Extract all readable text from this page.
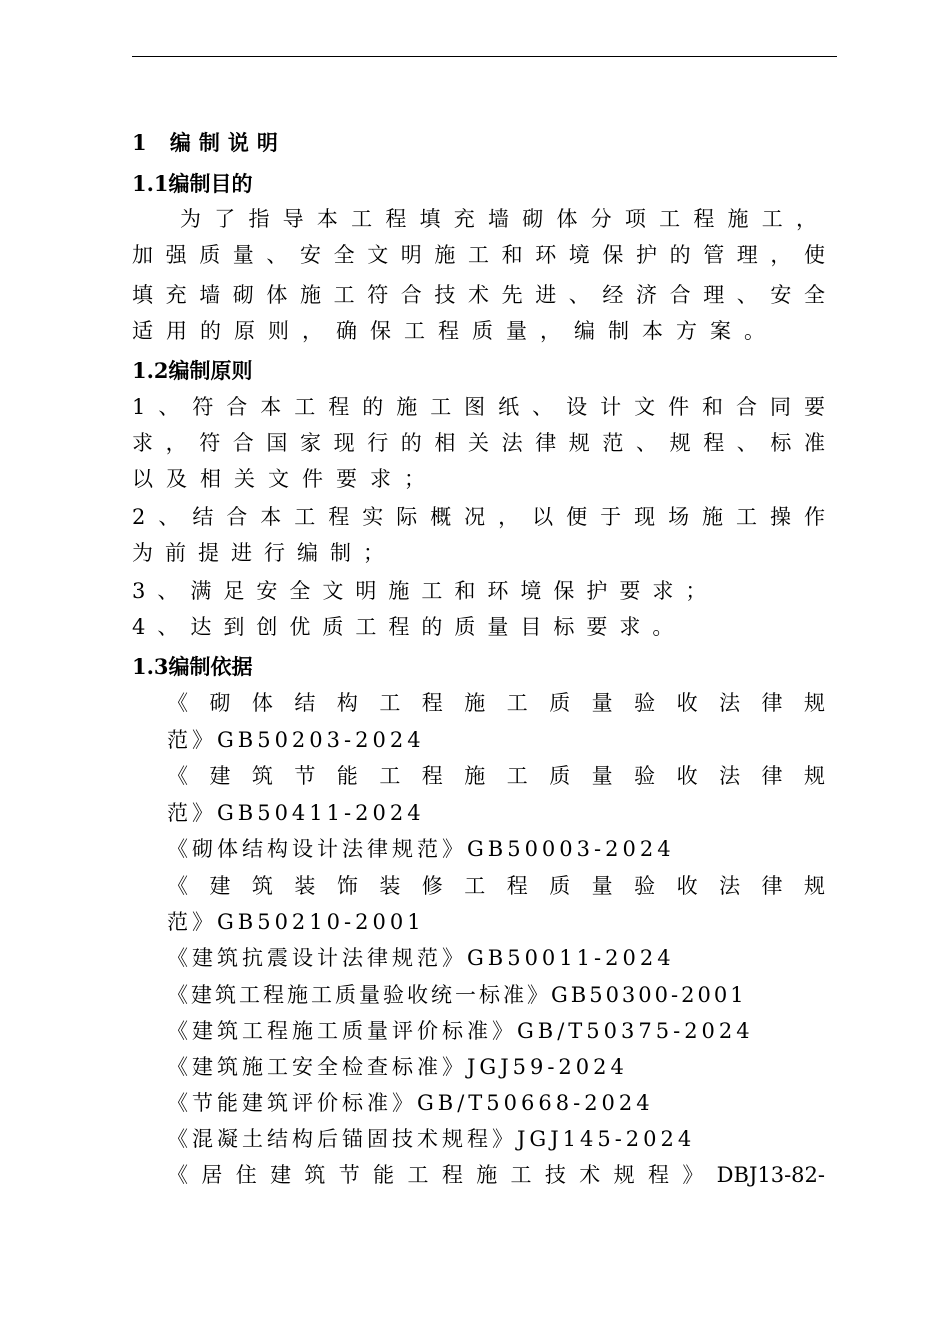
1 编制说明
1.1编制目的
为了指导本工程填充墙砌体分项工程施工，
加强质量、安全文明施工和环境保护的管理，使
填充墙砌体施工符合技术先进、经济合理、安全
适用的原则，确保工程质量，编制本方案。
1.2编制原则
1、符合本工程的施工图纸、设计文件和合同要
求，符合国家现行的相关法律规范、规程、标准
以及相关文件要求；
2、结合本工程实际概况，以便于现场施工操作
为前提进行编制；
3、满足安全文明施工和环境保护要求；
4、达到创优质工程的质量目标要求。
1.3编制依据
《砌体结构工程施工质量验收法律规
范》GB50203-2024
《建筑节能工程施工质量验收法律规
范》GB50411-2024
《砌体结构设计法律规范》GB50003-2024
《建筑装饰装修工程质量验收法律规
范》GB50210-2001
《建筑抗震设计法律规范》GB50011-2024
《建筑工程施工质量验收统一标准》GB50300-2001
《建筑工程施工质量评价标准》GB/T50375-2024
《建筑施工安全检查标准》JGJ59-2024
《节能建筑评价标准》GB/T50668-2024
《混凝土结构后锚固技术规程》JGJ145-2024
《居住建筑节能工程施工技术规程》DBJ13-82-
